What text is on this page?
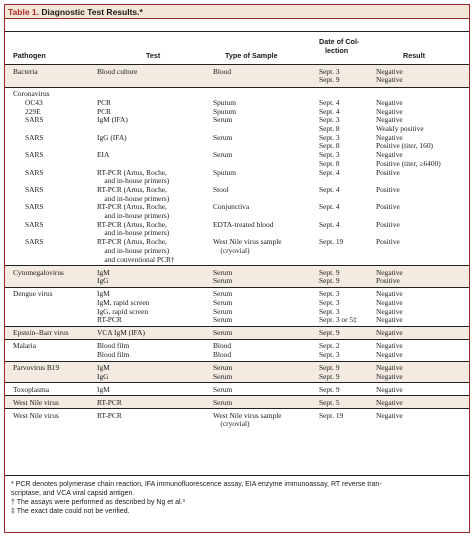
Table 1. Diagnostic Test Results.*
Pathogen	Test	Type of Sample
Date of Col-
lection
Result
Bacteria	Blood culture	Blood	Sept. 3	Negative
Sept. 9	Negative
Coronavirus
OC43	PCR	Sputum	Sept. 4	Negative
229E	PCR	Sputum	Sept. 4	Negative
SARS	IgM (IFA)	Serum	Sept. 3	Negative
Sept. 8	Weakly positive
SARS	IgG (IFA)	Serum	Sept. 3	Negative
Sept. 8	Positive (titer, 160)
SARS	EIA	Serum	Sept. 3	Negative
Sept. 8	Positive (titer, ≥6400)
SARS	RT-PCR (Artus, Roche,	Sputum	Sept. 4	Positive
and in-house primers)
SARS	RT-PCR (Artus, Roche,	Stool	Sept. 4	Positive
and in-house primers)
SARS	RT-PCR (Artus, Roche,	Conjunctiva	Sept. 4	Positive
and in-house primers)
SARS	RT-PCR (Artus, Roche,	EDTA-treated blood	Sept. 4	Positive
and in-house primers)
SARS	RT-PCR (Artus, Roche,	West Nile virus sample	Sept. 19	Positive
and in-house primers)	(cryovial)
and conventional PCR†
Cytomegalovirus	IgM	Serum	Sept. 9	Negative
IgG	Serum	Sept. 9	Positive
Dengue virus	IgM	Serum	Sept. 3	Negative
IgM, rapid screen	Serum	Sept. 3	Negative
IgG, rapid screen	Serum	Sept. 3	Negative
RT-PCR	Serum	Sept. 3 or 5‡	Negative
Epstein–Barr virus	VCA IgM (IFA)	Serum	Sept. 9	Negative
Malaria	Blood film	Blood	Sept. 2	Negative
Blood film	Blood	Sept. 3	Negative
Parvovirus B19	IgM	Serum	Sept. 9	Negative
IgG	Serum	Sept. 9	Negative
Toxoplasma	IgM	Serum	Sept. 9	Negative
West Nile virus	RT-PCR	Serum	Sept. 5	Negative
West Nile virus	RT-PCR	West Nile virus sample	Sept. 19	Negative
(cryovial)
* PCR denotes polymerase chain reaction, IFA immunofluorescence assay, EIA enzyme immunoassay, RT reverse tran-
scriptase, and VCA viral capsid antigen.
† The assays were performed as described by Ng et al.³
‡ The exact date could not be verified.
